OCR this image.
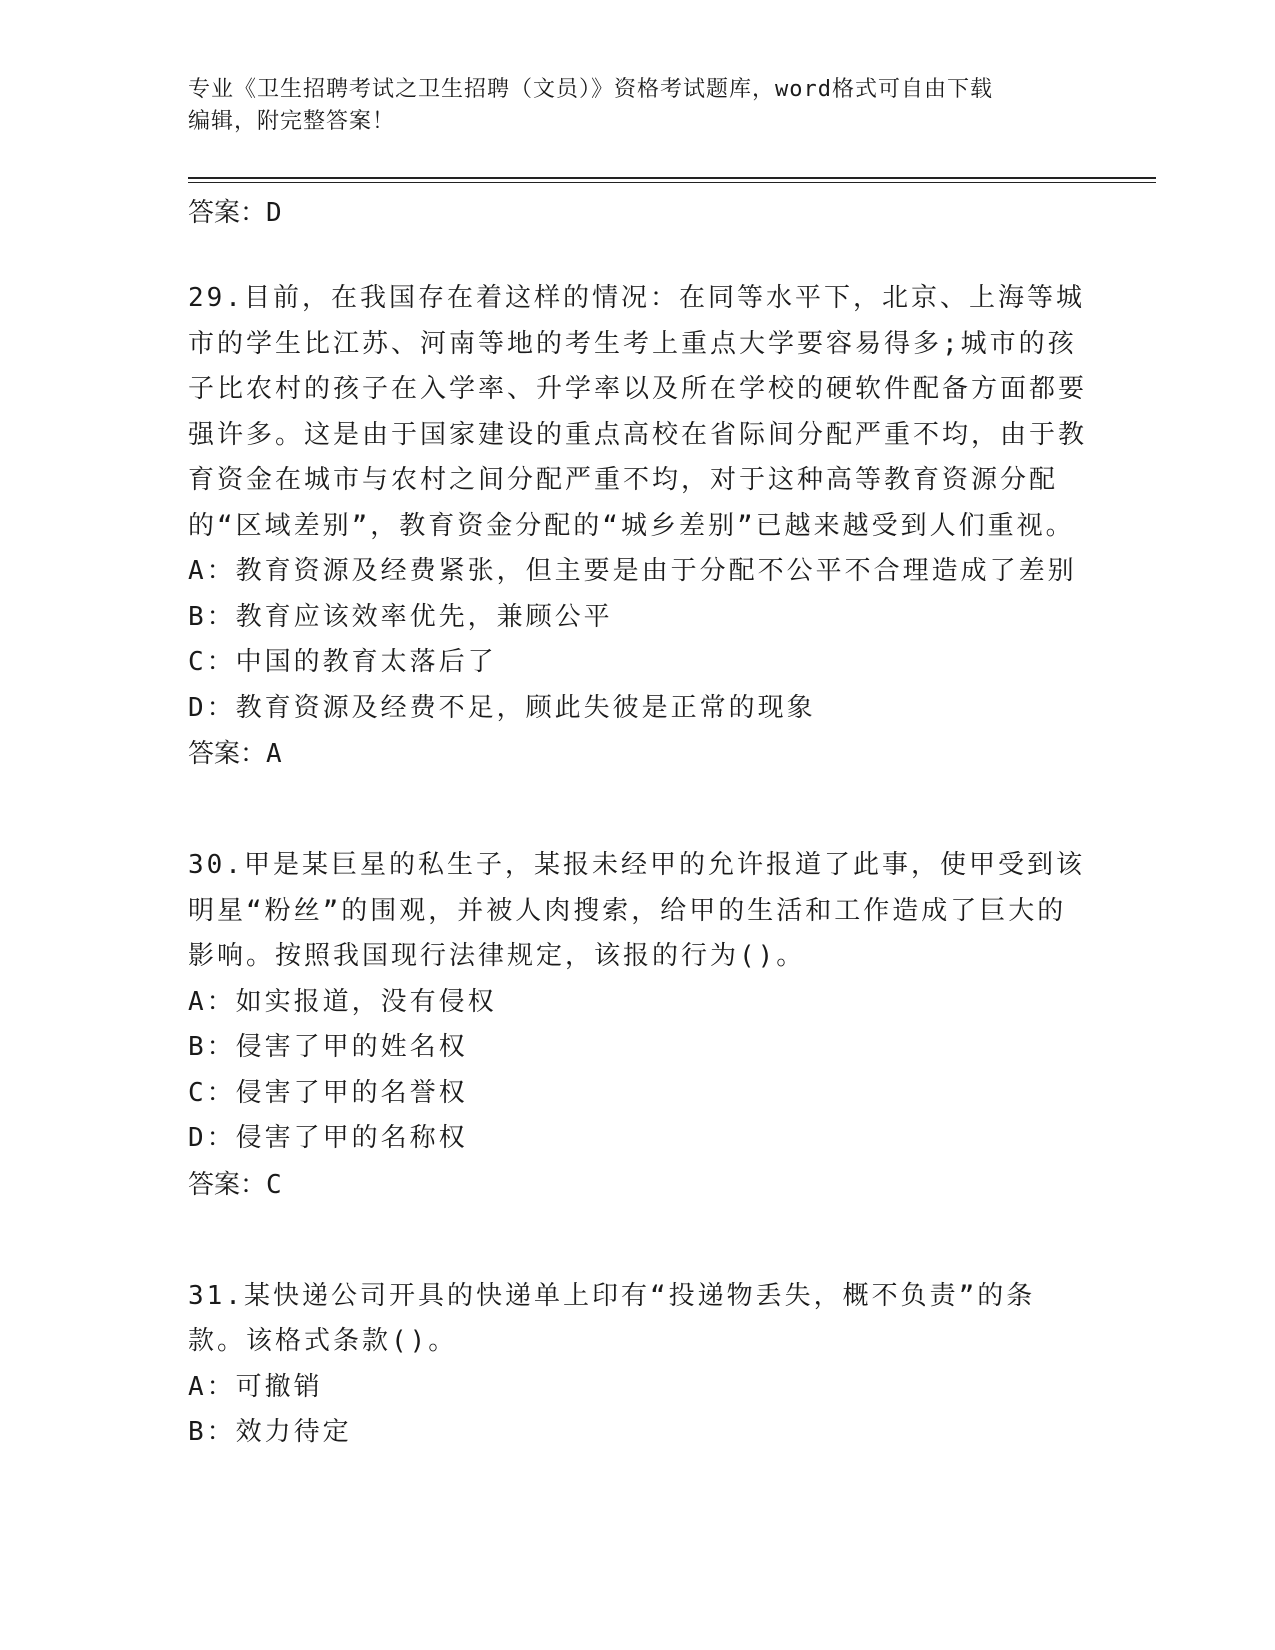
专业《卫生招聘考试之卫生招聘（文员）》资格考试题库，word格式可自由下载
编辑，附完整答案！

答案：D

29.目前，在我国存在着这样的情况：在同等水平下，北京、上海等城市的学生比江苏、河南等地的考生考上重点大学要容易得多;城市的孩子比农村的孩子在入学率、升学率以及所在学校的硬软件配备方面都要强许多。这是由于国家建设的重点高校在省际间分配严重不均，由于教育资金在城市与农村之间分配严重不均，对于这种高等教育资源分配的“区域差别”，教育资金分配的“城乡差别”已越来越受到人们重视。

A：教育资源及经费紧张，但主要是由于分配不公平不合理造成了差别

B：教育应该效率优先，兼顾公平

C：中国的教育太落后了

D：教育资源及经费不足，顾此失彼是正常的现象

答案：A

30.甲是某巨星的私生子，某报未经甲的允许报道了此事，使甲受到该明星“粉丝”的围观，并被人肉搜索，给甲的生活和工作造成了巨大的影响。按照我国现行法律规定，该报的行为()。

A：如实报道，没有侵权

B：侵害了甲的姓名权

C：侵害了甲的名誉权

D：侵害了甲的名称权

答案：C

31.某快递公司开具的快递单上印有“投递物丢失，概不负责”的条款。该格式条款()。

A：可撤销

B：效力待定
